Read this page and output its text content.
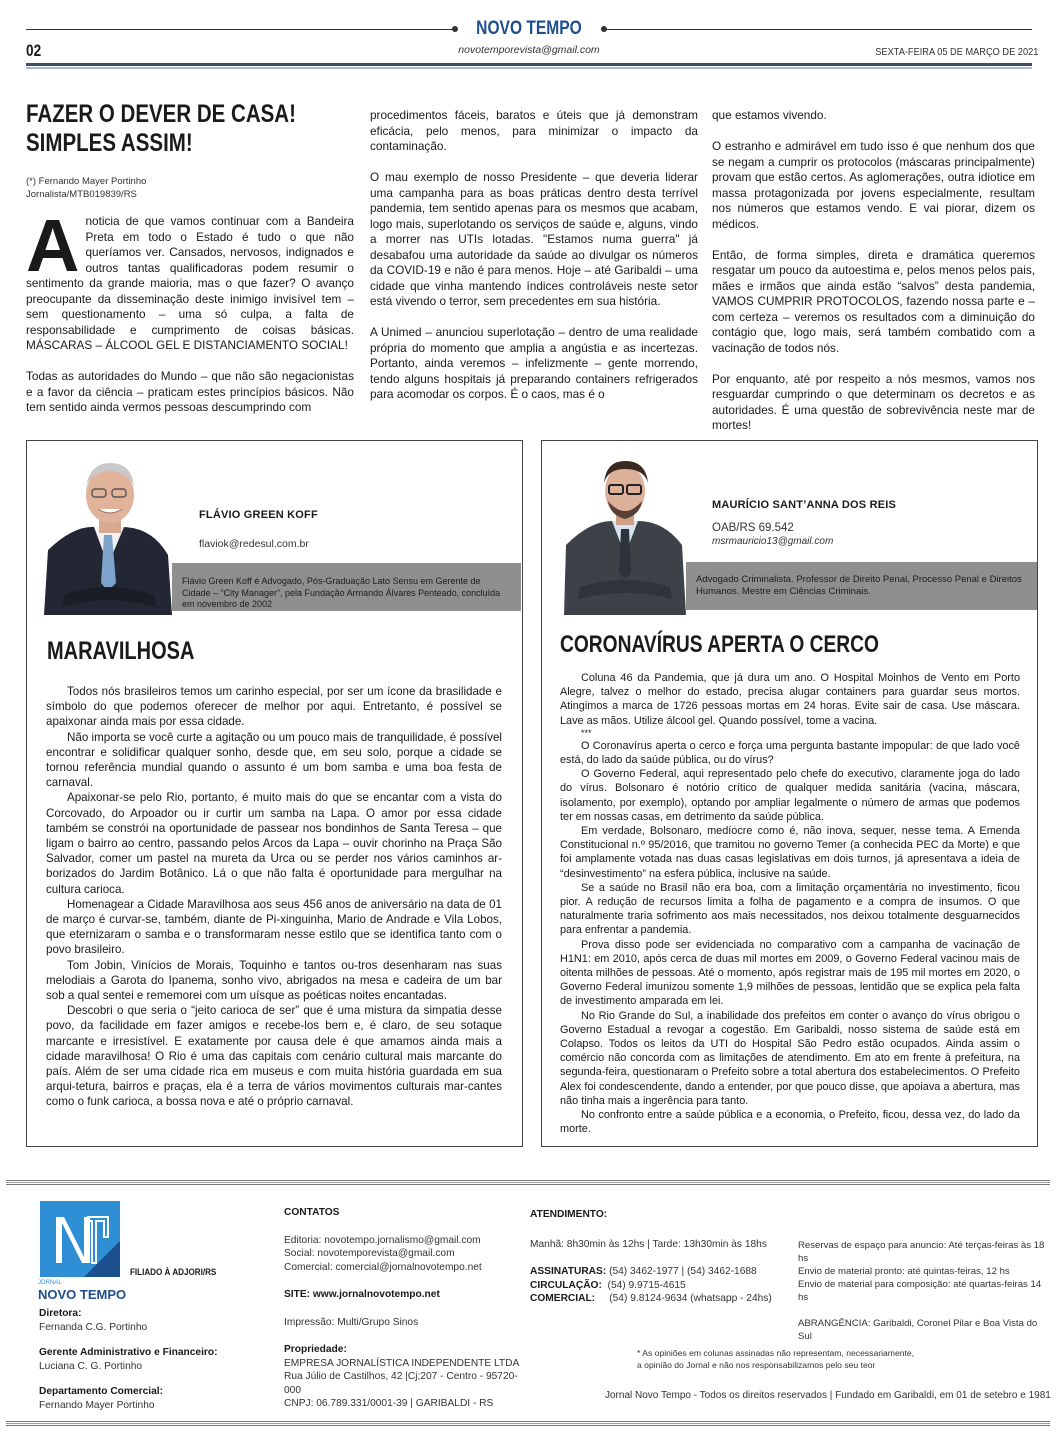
NOVO TEMPO
novotemporevista@gmail.com
02	SEXTA-FEIRA 05 DE MARÇO DE 2021
FAZER O DEVER DE CASA!
SIMPLES ASSIM!
(*) Fernando Mayer Portinho
Jornalista/MTB019839/RS

A noticia de que vamos continuar com a Bandeira Preta em todo o Estado é tudo o que não queríamos ver. Cansados, nervosos, indignados e outros tantas qualificadoras podem resumir o sentimento da grande maioria, mas o que fazer? O avanço preocupante da disseminação deste inimigo invisível tem – sem questionamento – uma só culpa, a falta de responsabilidade e cumprimento de coisas básicas. MÁSCARAS – ÁLCOOL GEL E DISTANCIAMENTO SOCIAL!

Todas as autoridades do Mundo – que não são negacionistas e a favor da ciência – praticam estes princípios básicos. Não tem sentido ainda vermos pessoas descumprindo com

procedimentos fáceis, baratos e úteis que já demonstram eficácia, pelo menos, para minimizar o impacto da contaminação.

O mau exemplo de nosso Presidente – que deveria liderar uma campanha para as boas práticas dentro desta terrível pandemia, tem sentido apenas para os mesmos que acabam, logo mais, superlotando os serviços de saúde e, alguns, vindo a morrer nas UTIs lotadas. "Estamos numa guerra" já desabafou uma autoridade da saúde ao divulgar os números da COVID-19 e não é para menos. Hoje – até Garibaldi – uma cidade que vinha mantendo índices controláveis neste setor está vivendo o terror, sem precedentes em sua história.

A Unimed – anunciou superlotação – dentro de uma realidade própria do momento que amplia a angústia e as incertezas. Portanto, ainda veremos – infelizmente – gente morrendo, tendo alguns hospitais já preparando containers refrigerados para acomodar os corpos. É o caos, mas é o

que estamos vivendo.

O estranho e admirável em tudo isso é que nenhum dos que se negam a cumprir os protocolos (máscaras principalmente) provam que estão certos. As aglomerações, outra idiotice em massa protagonizada por jovens especialmente, resultam nos números que estamos vendo. E vai piorar, dizem os médicos.

Então, de forma simples, direta e dramática queremos resgatar um pouco da autoestima e, pelos menos pelos pais, mães e irmãos que ainda estão “salvos” desta pandemia, VAMOS CUMPRIR PROTOCOLOS, fazendo nossa parte e – com certeza – veremos os resultados com a diminuição do contágio que, logo mais, será também combatido com a vacinação de todos nós.

Por enquanto, até por respeito a nós mesmos, vamos nos resguardar cumprindo o que determinam os decretos e as autoridades. É uma questão de sobrevivência neste mar de mortes!

FLÁVIO GREEN KOFF
flaviok@redesul.com.br
Flávio Green Koff é Advogado, Pós-Graduação Lato Sensu em Gerente de Cidade – “City Manager”, pela Fundação Armando Álvares Penteado, concluída em novembro de 2002
MARAVILHOSA

Todos nós brasileiros temos um carinho especial, por ser um ícone da brasilidade e símbolo do que podemos oferecer de melhor por aqui. Entretanto, é possível se apaixonar ainda mais por essa cidade.

Não importa se você curte a agitação ou um pouco mais de tranquilidade, é possível encontrar e solidificar qualquer sonho, desde que, em seu solo, porque a cidade se tornou referência mundial quando o assunto é um bom samba e uma boa festa de carnaval.

Apaixonar-se pelo Rio, portanto, é muito mais do que se encantar com a vista do Corcovado, do Arpoador ou ir curtir um samba na Lapa. O amor por essa cidade também se constrói na oportunidade de passear nos bondinhos de Santa Teresa – que ligam o bairro ao centro, passando pelos Arcos da Lapa – ouvir chorinho na Praça São Salvador, comer um pastel na mureta da Urca ou se perder nos vários caminhos ar-borizados do Jardim Botânico. Lá o que não falta é oportunidade para mergulhar na cultura carioca.

Homenagear a Cidade Maravilhosa aos seus 456 anos de aniversário na data de 01 de março é curvar-se, também, diante de Pi-xinguinha, Mario de Andrade e Vila Lobos, que eternizaram o samba e o transformaram nesse estilo que se identifica tanto com o povo brasileiro.

Tom Jobin, Vinícios de Morais, Toquinho e tantos ou-tros desenharam nas suas melodiais a Garota do Ipanema, sonho vivo, abrigados na mesa e cadeira de um bar sob a qual sentei e rememorei com um uísque as poéticas noites encantadas.

Descobri o que seria o “jeito carioca de ser” que é uma mistura da simpatia desse povo, da facilidade em fazer amigos e recebe-los bem e, é claro, de seu sotaque marcante e irresistível. E exatamente por causa dele é que amamos ainda mais a cidade maravilhosa! O Rio é uma das capitais com cenário cultural mais marcante do país. Além de ser uma cidade rica em museus e com muita história guardada em sua arqui-tetura, bairros e praças, ela é a terra de vários movimentos culturais mar-cantes como o funk carioca, a bossa nova e até o próprio carnaval.

MAURÍCIO SANT’ANNA DOS REIS
OAB/RS 69.542
msrmauricio13@gmail.com
Advogado Criminalista. Professor de Direito Penal, Processo Penal e Direitos Humanos. Mestre em Ciências Criminais.
CORONAVÍRUS APERTA O CERCO

Coluna 46 da Pandemia, que já dura um ano. O Hospital Moinhos de Vento em Porto Alegre, talvez o melhor do estado, precisa alugar containers para guardar seus mortos. Atingimos a marca de 1726 pessoas mortas em 24 horas. Evite sair de casa. Use máscara. Lave as mãos. Utilize álcool gel. Quando possível, tome a vacina.

***

O Coronavírus aperta o cerco e força uma pergunta bastante impopular: de que lado você está, do lado da saúde pública, ou do vírus?

O Governo Federal, aqui representado pelo chefe do executivo, claramente joga do lado do vírus. Bolsonaro é notório crítico de qualquer medida sanitária (vacina, máscara, isolamento, por exemplo), optando por ampliar legalmente o número de armas que podemos ter em nossas casas, em detrimento da saúde pública.

Em verdade, Bolsonaro, medíocre como é, não inova, sequer, nesse tema. A Emenda Constitucional n.º 95/2016, que tramitou no governo Temer (a conhecida PEC da Morte) e que foi amplamente votada nas duas casas legislativas em dois turnos, já apresentava a ideia de “desinvestimento” na esfera pública, inclusive na saúde.

Se a saúde no Brasil não era boa, com a limitação orçamentária no investimento, ficou pior. A redução de recursos limita a folha de pagamento e a compra de insumos. O que naturalmente traria sofrimento aos mais necessitados, nos deixou totalmente desguarnecidos para enfrentar a pandemia.

Prova disso pode ser evidenciada no comparativo com a campanha de vacinação de H1N1: em 2010, após cerca de duas mil mortes em 2009, o Governo Federal vacinou mais de oitenta milhões de pessoas. Até o momento, após registrar mais de 195 mil mortes em 2020, o Governo Federal imunizou somente 1,9 milhões de pessoas, lentidão que se explica pela falta de investimento amparada em lei.

No Rio Grande do Sul, a inabilidade dos prefeitos em conter o avanço do vírus obrigou o Governo Estadual a revogar a cogestão. Em Garibaldi, nosso sistema de saúde está em Colapso. Todos os leitos da UTI do Hospital São Pedro estão ocupados. Ainda assim o comércio não concorda com as limitações de atendimento. Em ato em frente à prefeitura, na segunda-feira, questionaram o Prefeito sobre a total abertura dos estabelecimentos. O Prefeito Alex foi condescendente, dando a entender, por que pouco disse, que apoiava a abertura, mas não tinha mais a ingerência para tanto.

No confronto entre a saúde pública e a economia, o Prefeito, ficou, dessa vez, do lado da morte.

FILIADO À ADJORI/RS
JORNAL
NOVO TEMPO
Diretora:
Fernanda C.G. Portinho
Gerente Administrativo e Financeiro:
Luciana C. G. Portinho
Departamento Comercial:
Fernando Mayer Portinho
CONTATOS
Editoria: novotempo.jornalismo@gmail.com
Social: novotemporevista@gmail.com
Comercial: comercial@jornalnovotempo.net
SITE: www.jornalnovotempo.net
Impressão: Multi/Grupo Sinos
Propriedade:
EMPRESA JORNALÍSTICA INDEPENDENTE LTDA
Rua Júlio de Castilhos, 42 |Cj;207 - Centro - 95720-000
CNPJ: 06.789.331/0001-39 | GARIBALDI - RS
ATENDIMENTO:
Manhã: 8h30min às 12hs | Tarde: 13h30min às 18hs
ASSINATURAS: (54) 3462-1977 | (54) 3462-1688
CIRCULAÇÃO: (54) 9.9715-4615
COMERCIAL: (54) 9.8124-9634 (whatsapp - 24hs)
Reservas de espaço para anuncio: Até terças-feiras às 18 hs
Envio de material pronto: até quintas-feiras, 12 hs
Envio de material para composição: até quartas-feiras 14 hs
ABRANGÊNCIA: Garibaldi, Coronel Pilar e Boa Vista do Sul
* As opiniões em colunas assinadas não representam, necessariamente,
a opinião do Jornal e não nos responsabilizamos pelo seu teor
Jornal Novo Tempo - Todos os direitos reservados | Fundado em Garibaldi, em 01 de setebro e 1981
